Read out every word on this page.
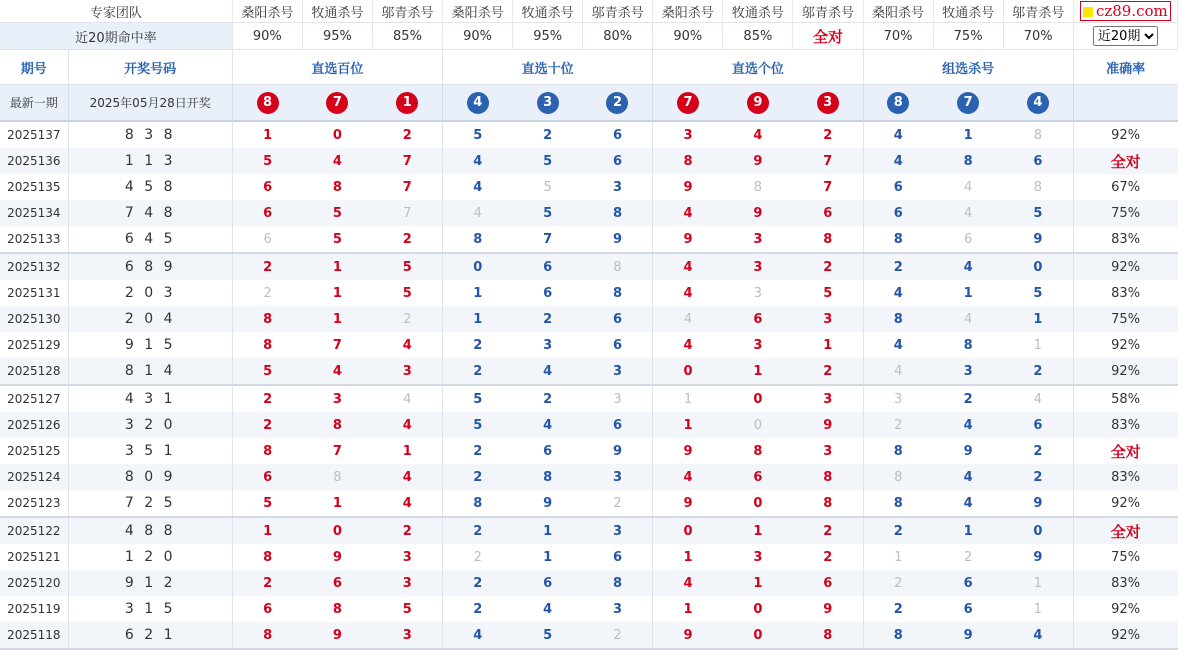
专家团队		桑阳杀号	牧通杀号	邬青杀号	桑阳杀号	牧通杀号	邬青杀号	桑阳杀号	牧通杀号	邬青杀号	桑阳杀号	牧通杀号	邬青杀号	cz89.com
近20期命中率		90%	95%	85%	90%	95%	80%	90%	85%	全对	70%	75%	70%	
近20期
期号	开奖号码	直选百位			直选十位			直选个位			组选杀号			准确率
最新一期	2025年05月28日开奖	8	7	1	4	3	2	7	9	3	8	7	4	
2025137	8 3 8	1	0	2	5	2	6	3	4	2	4	1	8	92%
2025136	1 1 3	5	4	7	4	5	6	8	9	7	4	8	6	全对
2025135	4 5 8	6	8	7	4	5	3	9	8	7	6	4	8	67%
2025134	7 4 8	6	5	7	4	5	8	4	9	6	6	4	5	75%
2025133	6 4 5	6	5	2	8	7	9	9	3	8	8	6	9	83%
2025132	6 8 9	2	1	5	0	6	8	4	3	2	2	4	0	92%
2025131	2 0 3	2	1	5	1	6	8	4	3	5	4	1	5	83%
2025130	2 0 4	8	1	2	1	2	6	4	6	3	8	4	1	75%
2025129	9 1 5	8	7	4	2	3	6	4	3	1	4	8	1	92%
2025128	8 1 4	5	4	3	2	4	3	0	1	2	4	3	2	92%
2025127	4 3 1	2	3	4	5	2	3	1	0	3	3	2	4	58%
2025126	3 2 0	2	8	4	5	4	6	1	0	9	2	4	6	83%
2025125	3 5 1	8	7	1	2	6	9	9	8	3	8	9	2	全对
2025124	8 0 9	6	8	4	2	8	3	4	6	8	8	4	2	83%
2025123	7 2 5	5	1	4	8	9	2	9	0	8	8	4	9	92%
2025122	4 8 8	1	0	2	2	1	3	0	1	2	2	1	0	全对
2025121	1 2 0	8	9	3	2	1	6	1	3	2	1	2	9	75%
2025120	9 1 2	2	6	3	2	6	8	4	1	6	2	6	1	83%
2025119	3 1 5	6	8	5	2	4	3	1	0	9	2	6	1	92%
2025118	6 2 1	8	9	3	4	5	2	9	0	8	8	9	4	92%
